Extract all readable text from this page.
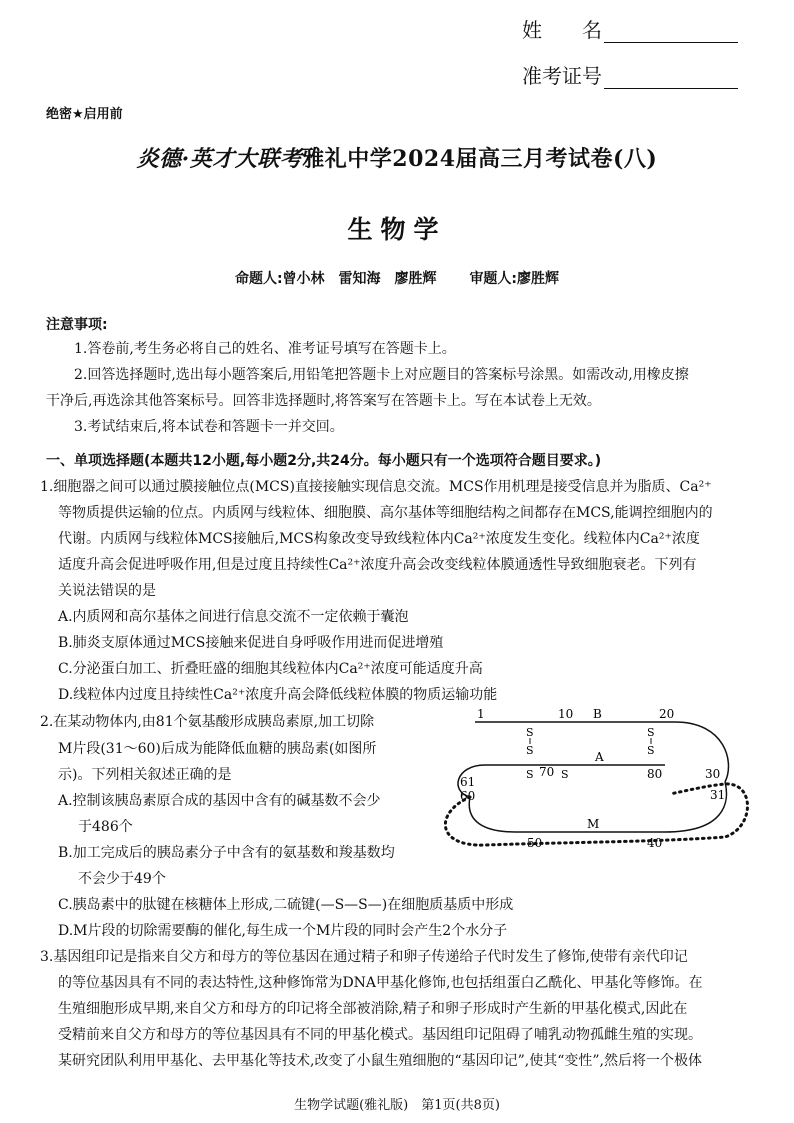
姓　　名
准考证号
绝密★启用前
炎德·英才大联考雅礼中学2024届高三月考试卷(八)
生物学
命题人:曾小林　雷知海　廖胜辉 审题人:廖胜辉
注意事项:
1.答卷前,考生务必将自己的姓名、准考证号填写在答题卡上。
2.回答选择题时,选出每小题答案后,用铅笔把答题卡上对应题目的答案标号涂黑。如需改动,用橡皮擦
干净后,再选涂其他答案标号。回答非选择题时,将答案写在答题卡上。写在本试卷上无效。
3.考试结束后,将本试卷和答题卡一并交回。
一、单项选择题(本题共12小题,每小题2分,共24分。每小题只有一个选项符合题目要求。)
1.细胞器之间可以通过膜接触位点(MCS)直接接触实现信息交流。MCS作用机理是接受信息并为脂质、Ca²⁺
等物质提供运输的位点。内质网与线粒体、细胞膜、高尔基体等细胞结构之间都存在MCS,能调控细胞内的
代谢。内质网与线粒体MCS接触后,MCS构象改变导致线粒体内Ca²⁺浓度发生变化。线粒体内Ca²⁺浓度
适度升高会促进呼吸作用,但是过度且持续性Ca²⁺浓度升高会改变线粒体膜通透性导致细胞衰老。下列有
关说法错误的是
A.内质网和高尔基体之间进行信息交流不一定依赖于囊泡
B.肺炎支原体通过MCS接触来促进自身呼吸作用进而促进增殖
C.分泌蛋白加工、折叠旺盛的细胞其线粒体内Ca²⁺浓度可能适度升高
D.线粒体内过度且持续性Ca²⁺浓度升高会降低线粒体膜的物质运输功能
2.在某动物体内,由81个氨基酸形成胰岛素原,加工切除
M片段(31～60)后成为能降低血糖的胰岛素(如图所
示)。下列相关叙述正确的是
A.控制该胰岛素原合成的基因中含有的碱基数不会少
于486个
B.加工完成后的胰岛素分子中含有的氨基数和羧基数均
不会少于49个
C.胰岛素中的肽键在核糖体上形成,二硫键(—S—S—)在细胞质基质中形成
D.M片段的切除需要酶的催化,每生成一个M片段的同时会产生2个水分子
1	10 B	20
S
S
S
S
A
S 70 S	80
61
60
30
31
M
50	40
3.基因组印记是指来自父方和母方的等位基因在通过精子和卵子传递给子代时发生了修饰,使带有亲代印记
的等位基因具有不同的表达特性,这种修饰常为DNA甲基化修饰,也包括组蛋白乙酰化、甲基化等修饰。在
生殖细胞形成早期,来自父方和母方的印记将全部被消除,精子和卵子形成时产生新的甲基化模式,因此在
受精前来自父方和母方的等位基因具有不同的甲基化模式。基因组印记阻碍了哺乳动物孤雌生殖的实现。
某研究团队利用甲基化、去甲基化等技术,改变了小鼠生殖细胞的“基因印记”,使其“变性”,然后将一个极体
生物学试题(雅礼版)　第1页(共8页)
